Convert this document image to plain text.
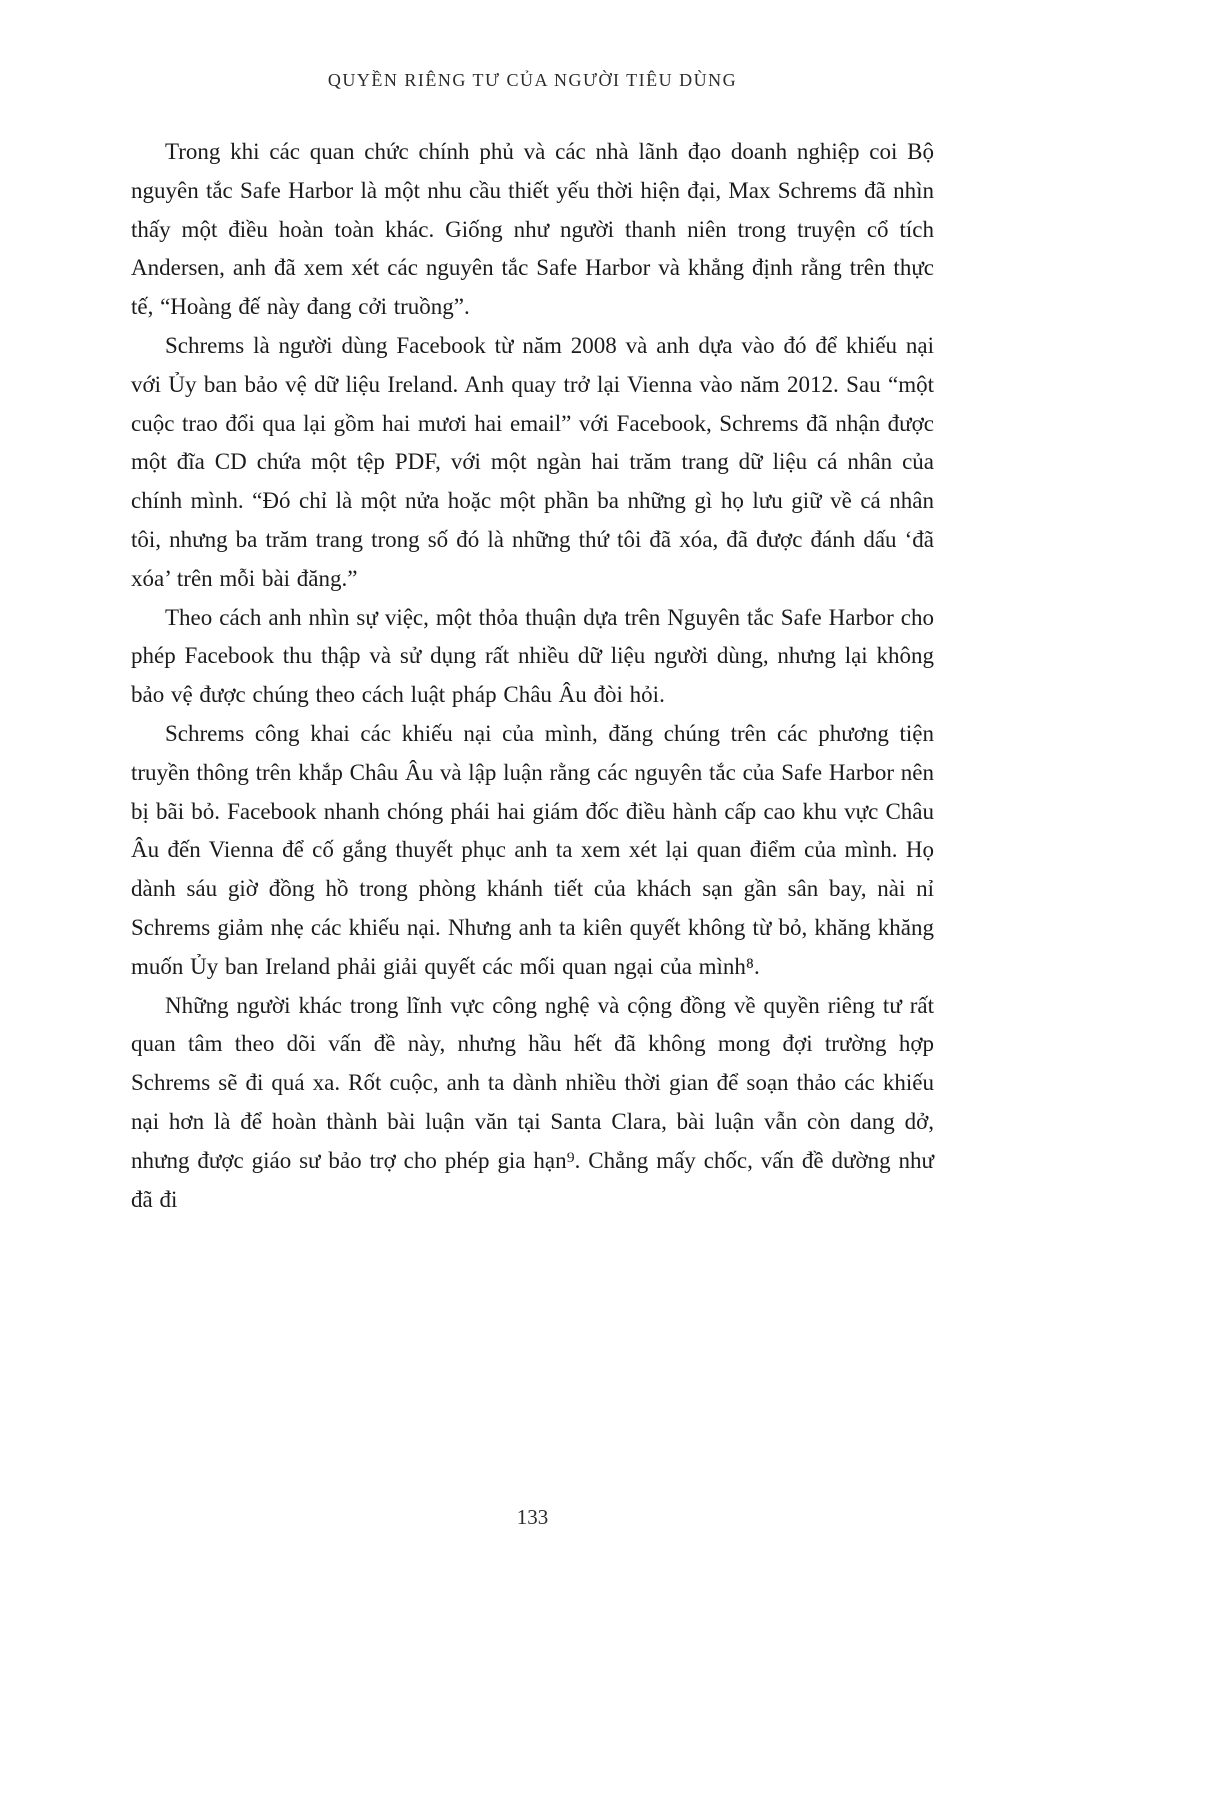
QUYỀN RIÊNG TƯ CỦA NGƯỜI TIÊU DÙNG

Trong khi các quan chức chính phủ và các nhà lãnh đạo doanh nghiệp coi Bộ nguyên tắc Safe Harbor là một nhu cầu thiết yếu thời hiện đại, Max Schrems đã nhìn thấy một điều hoàn toàn khác. Giống như người thanh niên trong truyện cổ tích Andersen, anh đã xem xét các nguyên tắc Safe Harbor và khẳng định rằng trên thực tế, “Hoàng đế này đang cởi truồng”.

Schrems là người dùng Facebook từ năm 2008 và anh dựa vào đó để khiếu nại với Ủy ban bảo vệ dữ liệu Ireland. Anh quay trở lại Vienna vào năm 2012. Sau “một cuộc trao đổi qua lại gồm hai mươi hai email” với Facebook, Schrems đã nhận được một đĩa CD chứa một tệp PDF, với một ngàn hai trăm trang dữ liệu cá nhân của chính mình. “Đó chỉ là một nửa hoặc một phần ba những gì họ lưu giữ về cá nhân tôi, nhưng ba trăm trang trong số đó là những thứ tôi đã xóa, đã được đánh dấu ‘đã xóa’ trên mỗi bài đăng.”

Theo cách anh nhìn sự việc, một thỏa thuận dựa trên Nguyên tắc Safe Harbor cho phép Facebook thu thập và sử dụng rất nhiều dữ liệu người dùng, nhưng lại không bảo vệ được chúng theo cách luật pháp Châu Âu đòi hỏi.

Schrems công khai các khiếu nại của mình, đăng chúng trên các phương tiện truyền thông trên khắp Châu Âu và lập luận rằng các nguyên tắc của Safe Harbor nên bị bãi bỏ. Facebook nhanh chóng phái hai giám đốc điều hành cấp cao khu vực Châu Âu đến Vienna để cố gắng thuyết phục anh ta xem xét lại quan điểm của mình. Họ dành sáu giờ đồng hồ trong phòng khánh tiết của khách sạn gần sân bay, nài nỉ Schrems giảm nhẹ các khiếu nại. Nhưng anh ta kiên quyết không từ bỏ, khăng khăng muốn Ủy ban Ireland phải giải quyết các mối quan ngại của mình⁸.

Những người khác trong lĩnh vực công nghệ và cộng đồng về quyền riêng tư rất quan tâm theo dõi vấn đề này, nhưng hầu hết đã không mong đợi trường hợp Schrems sẽ đi quá xa. Rốt cuộc, anh ta dành nhiều thời gian để soạn thảo các khiếu nại hơn là để hoàn thành bài luận văn tại Santa Clara, bài luận vẫn còn dang dở, nhưng được giáo sư bảo trợ cho phép gia hạn⁹. Chẳng mấy chốc, vấn đề dường như đã đi

133
